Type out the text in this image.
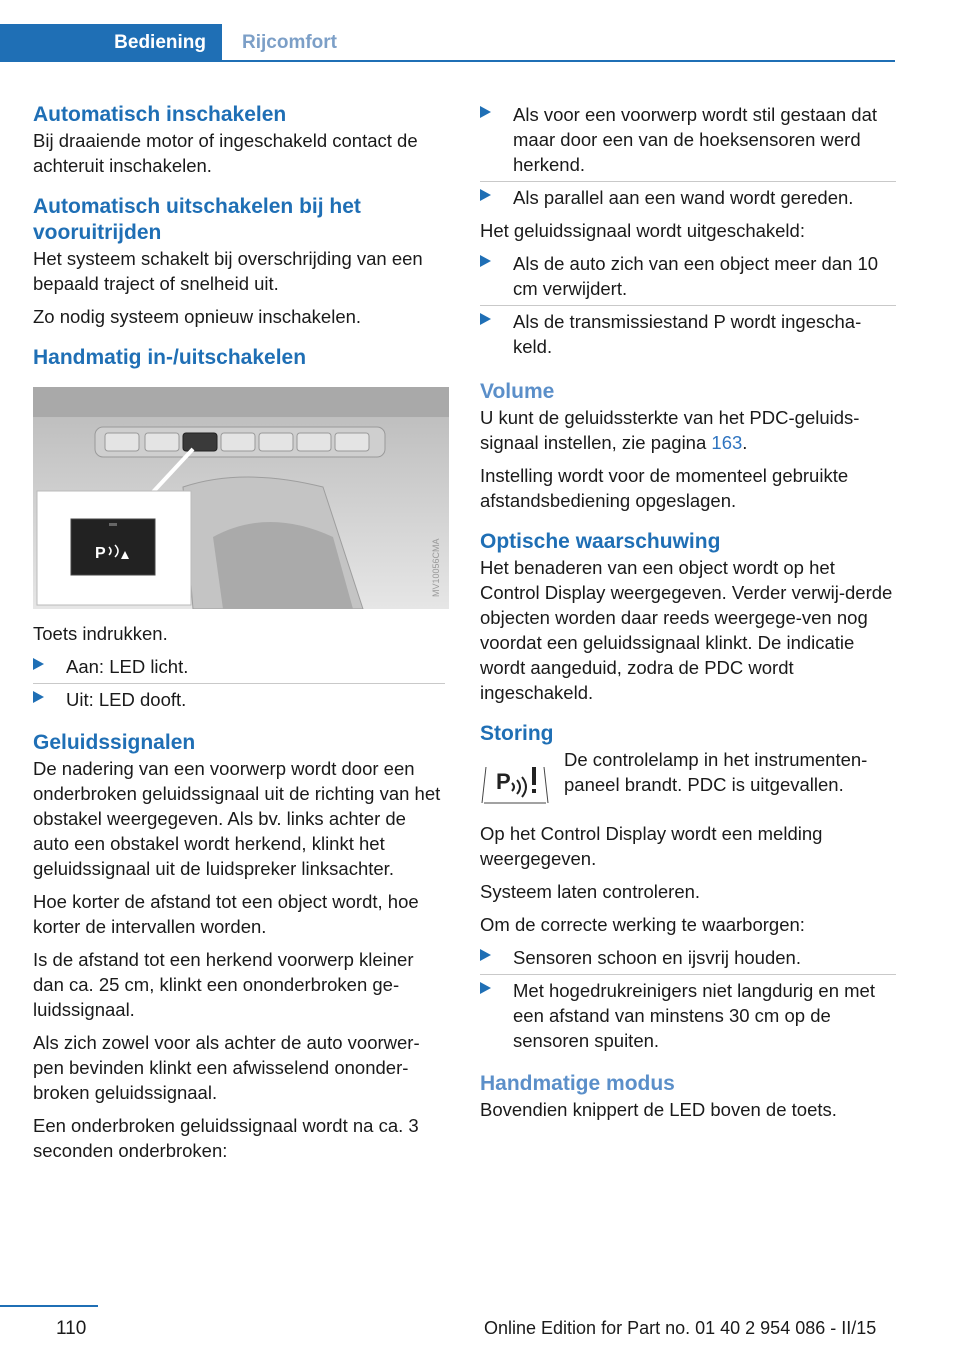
Bediening	Rijcomfort
Automatisch inschakelen

Bij draaiende motor of ingeschakeld contact de achteruit inschakelen.

Automatisch uitschakelen bij het vooruitrijden

Het systeem schakelt bij overschrijding van een bepaald traject of snelheid uit.

Zo nodig systeem opnieuw inschakelen.

Handmatig in-/uitschakelen
P	MV10056CMA

Toets indrukken.

Aan: LED licht.
Uit: LED dooft.
Geluidssignalen

De nadering van een voorwerp wordt door een onderbroken geluidssignaal uit de richting van het obstakel weergegeven. Als bv. links achter de auto een obstakel wordt herkend, klinkt het geluidssignaal uit de luidspreker linksachter.

Hoe korter de afstand tot een object wordt, hoe korter de intervallen worden.

Is de afstand tot een herkend voorwerp kleiner dan ca. 25 cm, klinkt een ononderbroken ge-luidssignaal.

Als zich zowel voor als achter de auto voorwer-pen bevinden klinkt een afwisselend ononder-broken geluidssignaal.

Een onderbroken geluidssignaal wordt na ca. 3 seconden onderbroken:

Als voor een voorwerp wordt stil gestaan dat maar door een van de hoeksensoren werd herkend.
Als parallel aan een wand wordt gereden.

Het geluidssignaal wordt uitgeschakeld:

Als de auto zich van een object meer dan 10 cm verwijdert.
Als de transmissiestand P wordt ingescha-keld.
Volume

U kunt de geluidssterkte van het PDC-geluids-signaal instellen, zie pagina 163.

Instelling wordt voor de momenteel gebruikte afstandsbediening opgeslagen.

Optische waarschuwing

Het benaderen van een object wordt op het Control Display weergegeven. Verder verwij-derde objecten worden daar reeds weergege-ven nog voordat een geluidssignaal klinkt. De indicatie wordt aangeduid, zodra de PDC wordt ingeschakeld.

Storing
P

De controlelamp in het instrumenten-paneel brandt. PDC is uitgevallen.

Op het Control Display wordt een melding weergegeven.

Systeem laten controleren.

Om de correcte werking te waarborgen:

Sensoren schoon en ijsvrij houden.
Met hogedrukreinigers niet langdurig en met een afstand van minstens 30 cm op de sensoren spuiten.
Handmatige modus

Bovendien knippert de LED boven de toets.

110	Online Edition for Part no. 01 40 2 954 086 - II/15
